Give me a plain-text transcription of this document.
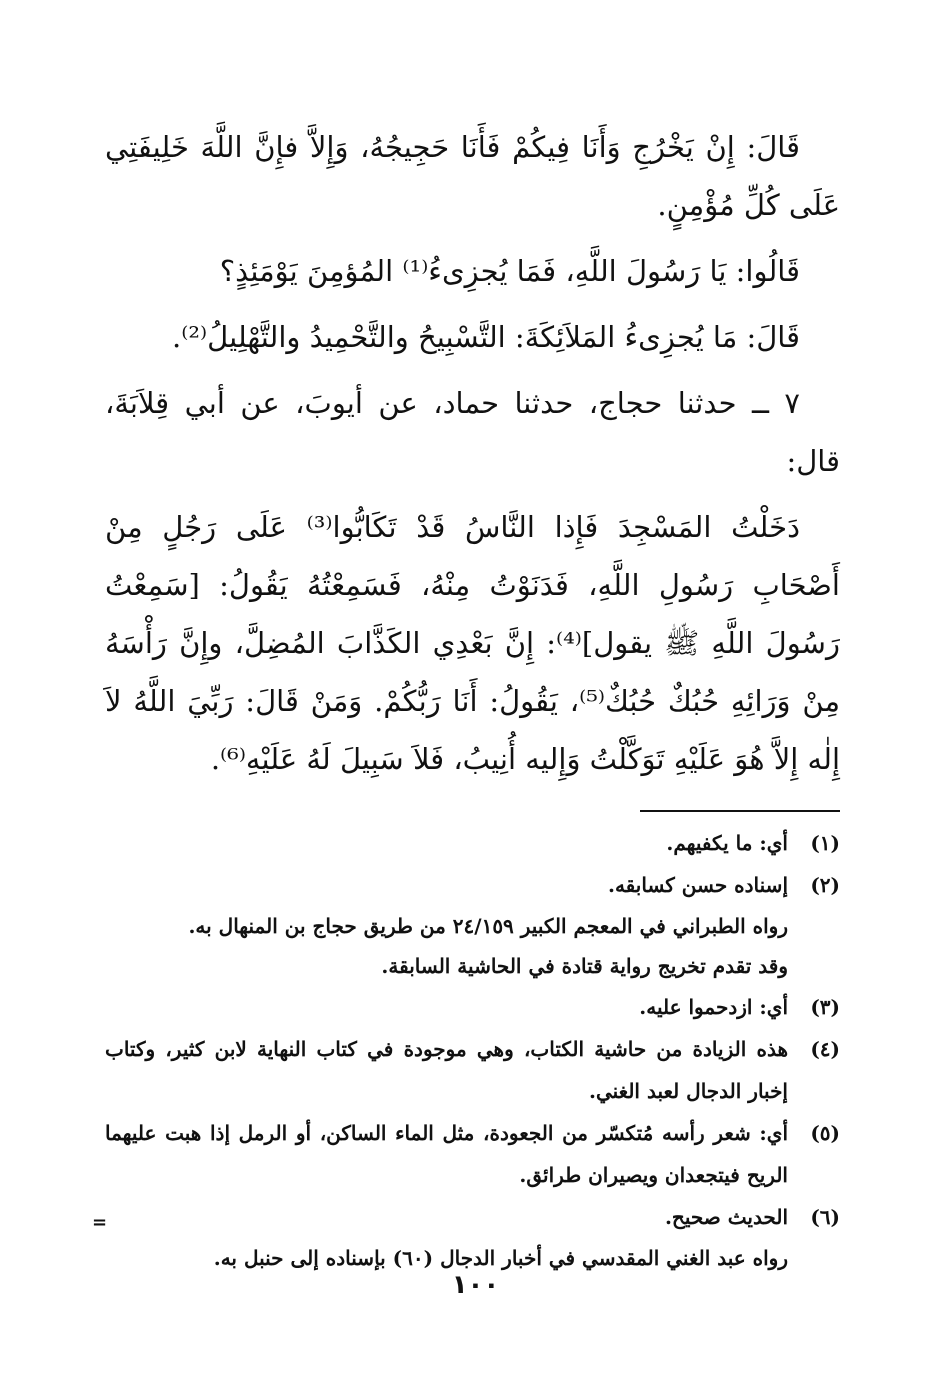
قَالَ: إِنْ يَخْرُجِ وَأَنَا فِيكُمْ فَأَنَا حَجِيجُهُ، وَإِلاَّ فإِنَّ اللَّهَ خَلِيفَتِي عَلَى كُلِّ مُؤْمِنٍ.

قَالُوا: يَا رَسُولَ اللَّهِ، فَمَا يُجزِىءُ⁽¹⁾ المُؤمِنَ يَوْمَئِذٍ؟

قَالَ: مَا يُجزِىءُ المَلاَئِكَةَ: التَّسْبِيحُ والتَّحْمِيدُ والتَّهْلِيلُ⁽²⁾.

٧ ــ حدثنا حجاج، حدثنا حماد، عن أيوبَ، عن أبي قِلاَبَةَ، قال:

دَخَلْتُ المَسْجِدَ فَإِذا النَّاسُ قَدْ تَكَابُّوا⁽³⁾ عَلَى رَجُلٍ مِنْ أَصْحَابِ رَسُولِ اللَّهِ، فَدَنَوْتُ مِنْهُ، فَسَمِعْتُهُ يَقُولُ: [سَمِعْتُ رَسُولَ اللَّهِ ﷺ يقول]⁽⁴⁾: إِنَّ بَعْدِي الكَذَّابَ المُضِلَّ، وإِنَّ رَأْسَهُ مِنْ وَرَائِهِ حُبُكٌ حُبُكٌ⁽⁵⁾، يَقُولُ: أَنَا رَبُّكُمْ. وَمَنْ قَالَ: رَبِّيَ اللَّهُ لاَ إِلٰه إِلاَّ هُوَ عَلَيْهِ تَوَكَّلْتُ وَإِليه أُنِيبُ، فَلاَ سَبِيلَ لَهُ عَلَيْهِ⁽⁶⁾.

(١)
أي: ما يكفيهم.
(٢)
إسناده حسن كسابقه.
رواه الطبراني في المعجم الكبير ٢٤/١٥٩ من طريق حجاج بن المنهال به.
وقد تقدم تخريج رواية قتادة في الحاشية السابقة.
(٣)
أي: ازدحموا عليه.
(٤)
هذه الزيادة من حاشية الكتاب، وهي موجودة في كتاب النهاية لابن كثير، وكتاب إخبار الدجال لعبد الغني.
(٥)
أي: شعر رأسه مُتكسّر من الجعودة، مثل الماء الساكن، أو الرمل إذا هبت عليهما الريح فيتجعدان ويصيران طرائق.
(٦)
الحديث صحيح.
رواه عبد الغني المقدسي في أخبار الدجال (٦٠) بإسناده إلى حنبل به.
=
١٠٠
